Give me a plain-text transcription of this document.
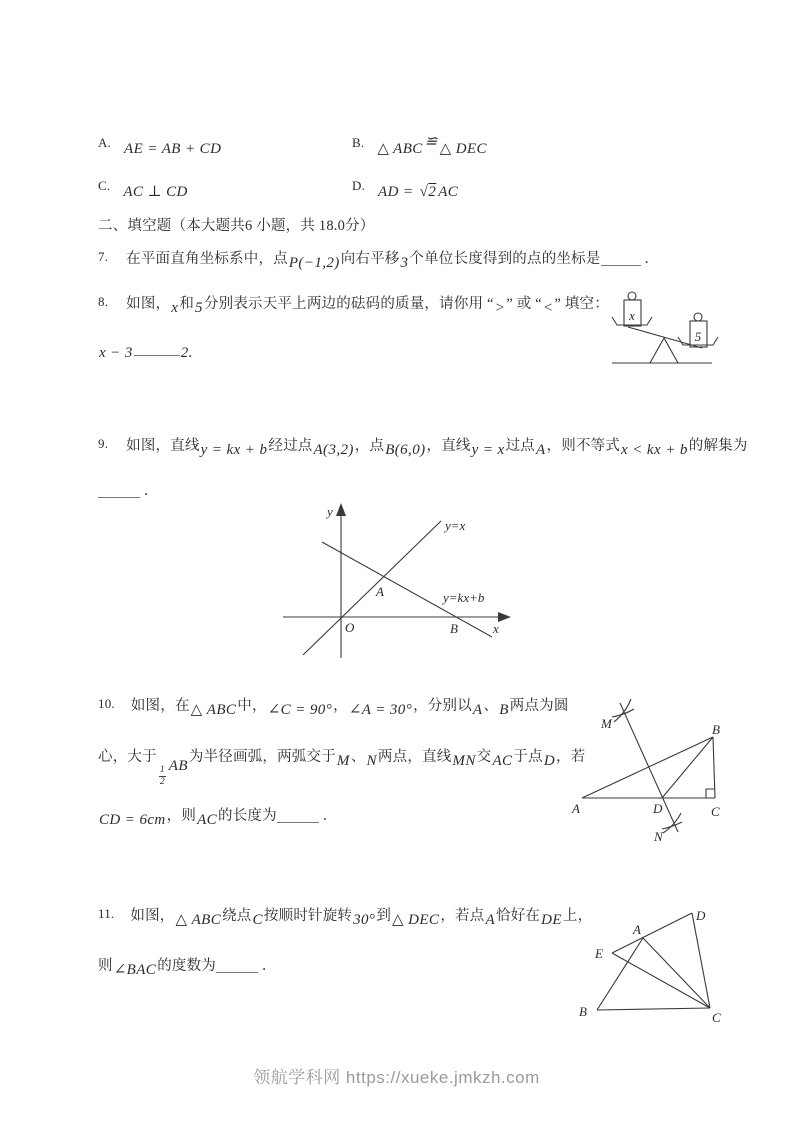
A. AE = AB + CD	B. △ ABC ≌ △ DEC
C. AC ⊥ CD	D. AD = √2 AC
二、填空题（本大题共6 小题，共 18.0分）
7. 在平面直角坐标系中，点P(−1,2)向右平移3个单位长度得到的点的坐标是	．
8. 如图，x和5分别表示天平上两边的砝码的质量，请你用 “>” 或 “<” 填空：
x − 3	2.
x
5
9. 如图，直线y = kx + b经过点A(3,2)，点B(6,0)，直线y = x过点A，则不等式x < kx + b的解集为
．
y
x
O
y=x
y=kx+b
A
B
10. 如图，在△ ABC中，∠C = 90°，∠A = 30°，分别以A、B两点为圆
心，大于
$\frac{1}{2}$ AB为半径画弧，两弧交于M、N两点，直线MN交AC于点D，若
CD = 6cm，则AC的长度为	．
M	B
A	D	C
N
11. 如图，△ ABC绕点C按顺时针旋转30°到△ DEC，若点A恰好在DE上，
则∠BAC的度数为	．
D
A
E
B	C
领航学科网 https://xueke.jmkzh.com
